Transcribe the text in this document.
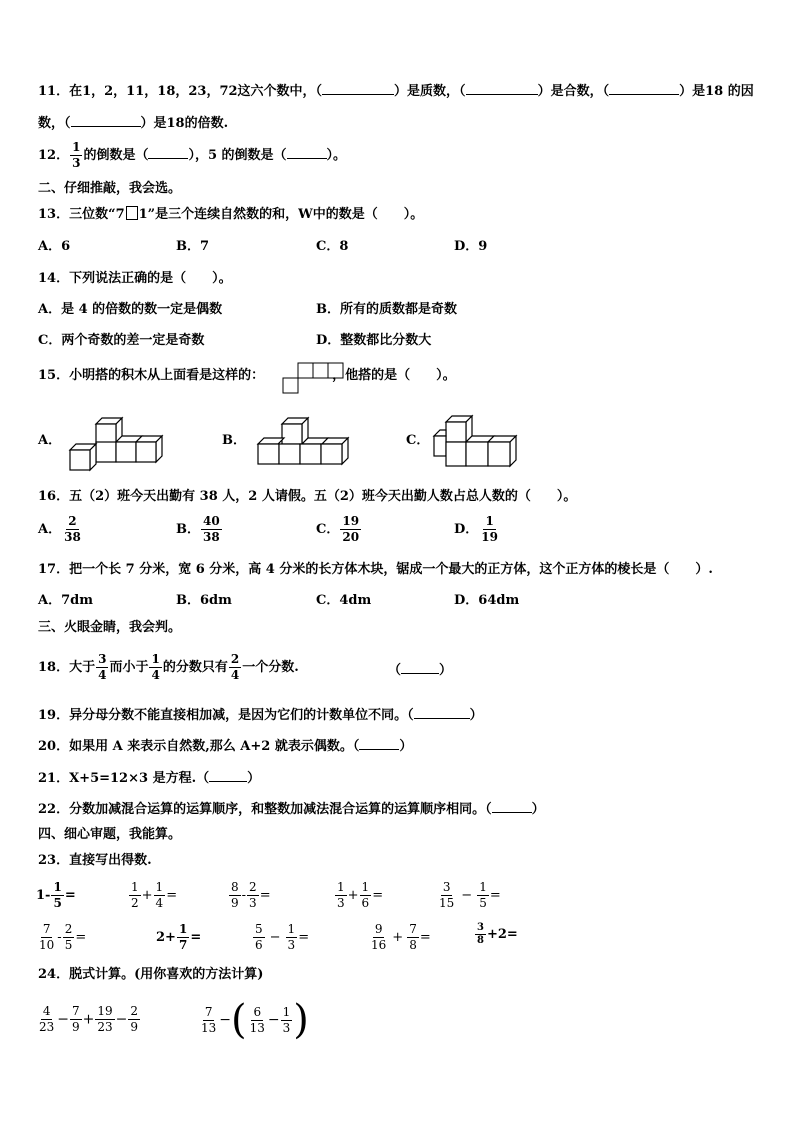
11．在1，2，11，18，23，72这六个数中，（	）是质数，（	）是合数，（	）是18 的因
数，（	）是18的倍数.
12． $\frac{1}{3}$ 的倒数是（	），5 的倒数是（	）。
二、仔细推敲，我会选。
13．三位数“7 1”是三个连续自然数的和，W中的数是（　　）。
A．6	B．7	C．8	D．9
14．下列说法正确的是（　　）。
A．是 4 的倍数的数一定是偶数	B．所有的质数都是奇数
C．两个奇数的差一定是奇数	D．整数都比分数大
15．小明搭的积木从上面看是这样的：	，他搭的是（　　）。
A．	B．	C．
16．五（2）班今天出勤有 38 人，2 人请假。五（2）班今天出勤人数占总人数的（　　）。
A． $\frac{2}{38}$	B． $\frac{40}{38}$	C． $\frac{19}{20}$	D． $\frac{1}{19}$
17．把一个长 7 分米，宽 6 分米，高 4 分米的长方体木块，锯成一个最大的正方体，这个正方体的棱长是（　　）.
A．7dm	B．6dm	C．4dm	D．64dm
三、火眼金睛，我会判。
18．大于 $\frac{3}{4}$ 而小于 $\frac{1}{4}$ 的分数只有 $\frac{2}{4}$ 一个分数.	（	）
19．异分母分数不能直接相加减，是因为它们的计数单位不同。（	）
20．如果用 A 来表示自然数,那么 A+2 就表示偶数。（	）
21．X+5=12×3 是方程.（	）
22．分数加减混合运算的运算顺序，和整数加减法混合运算的运算顺序相同。（	）
四、细心审题，我能算。
23．直接写出得数.
$1- \frac{1}{5}$ =	$\frac{1}{2} + \frac{1}{4}$ =	$\frac{8}{9} - \frac{2}{3}$ =	$\frac{1}{3} + \frac{1}{6}$ =	$\frac{3}{15} - \frac{1}{5}$ =
$\frac{7}{10} - \frac{2}{5}$ =	$2+ \frac{1}{7}$ =	$\frac{5}{6} - \frac{1}{3}$ =	$\frac{9}{16} + \frac{7}{8}$ =	$\frac{3}{8} +2=$
24．脱式计算。(用你喜欢的方法计算)
$\frac{4}{23} - \frac{7}{9} + \frac{19}{23} - \frac{2}{9}$	$\frac{7}{13}$ −( $\frac{6}{13} - \frac{1}{3}$ )
